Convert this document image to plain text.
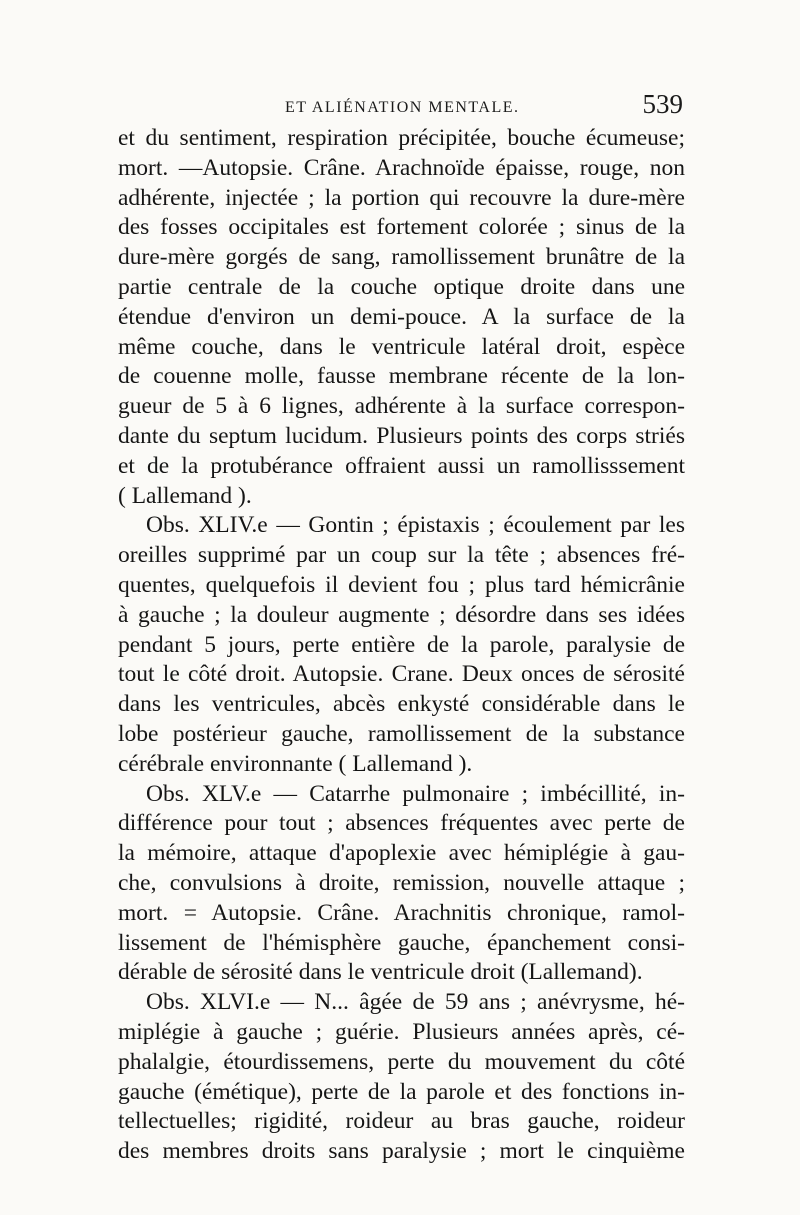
ET ALIÉNATION MENTALE.	539
et du sentiment, respiration précipitée, bouche écumeuse;
mort. —Autopsie. Crâne. Arachnoïde épaisse, rouge, non
adhérente, injectée ; la portion qui recouvre la dure-mère
des fosses occipitales est fortement colorée ; sinus de la
dure-mère gorgés de sang, ramollissement brunâtre de la
partie centrale de la couche optique droite dans une
étendue d'environ un demi-pouce. A la surface de la
même couche, dans le ventricule latéral droit, espèce
de couenne molle, fausse membrane récente de la lon-
gueur de 5 à 6 lignes, adhérente à la surface correspon-
dante du septum lucidum. Plusieurs points des corps striés
et de la protubérance offraient aussi un ramollisssement
( Lallemand ).
Obs. XLIV.e — Gontin ; épistaxis ; écoulement par les
oreilles supprimé par un coup sur la tête ; absences fré-
quentes, quelquefois il devient fou ; plus tard hémicrânie
à gauche ; la douleur augmente ; désordre dans ses idées
pendant 5 jours, perte entière de la parole, paralysie de
tout le côté droit. Autopsie. Crane. Deux onces de sérosité
dans les ventricules, abcès enkysté considérable dans le
lobe postérieur gauche, ramollissement de la substance
cérébrale environnante ( Lallemand ).
Obs. XLV.e — Catarrhe pulmonaire ; imbécillité, in-
différence pour tout ; absences fréquentes avec perte de
la mémoire, attaque d'apoplexie avec hémiplégie à gau-
che, convulsions à droite, remission, nouvelle attaque ;
mort. = Autopsie. Crâne. Arachnitis chronique, ramol-
lissement de l'hémisphère gauche, épanchement consi-
dérable de sérosité dans le ventricule droit (Lallemand).
Obs. XLVI.e — N... âgée de 59 ans ; anévrysme, hé-
miplégie à gauche ; guérie. Plusieurs années après, cé-
phalalgie, étourdissemens, perte du mouvement du côté
gauche (émétique), perte de la parole et des fonctions in-
tellectuelles; rigidité, roideur au bras gauche, roideur
des membres droits sans paralysie ; mort le cinquième
